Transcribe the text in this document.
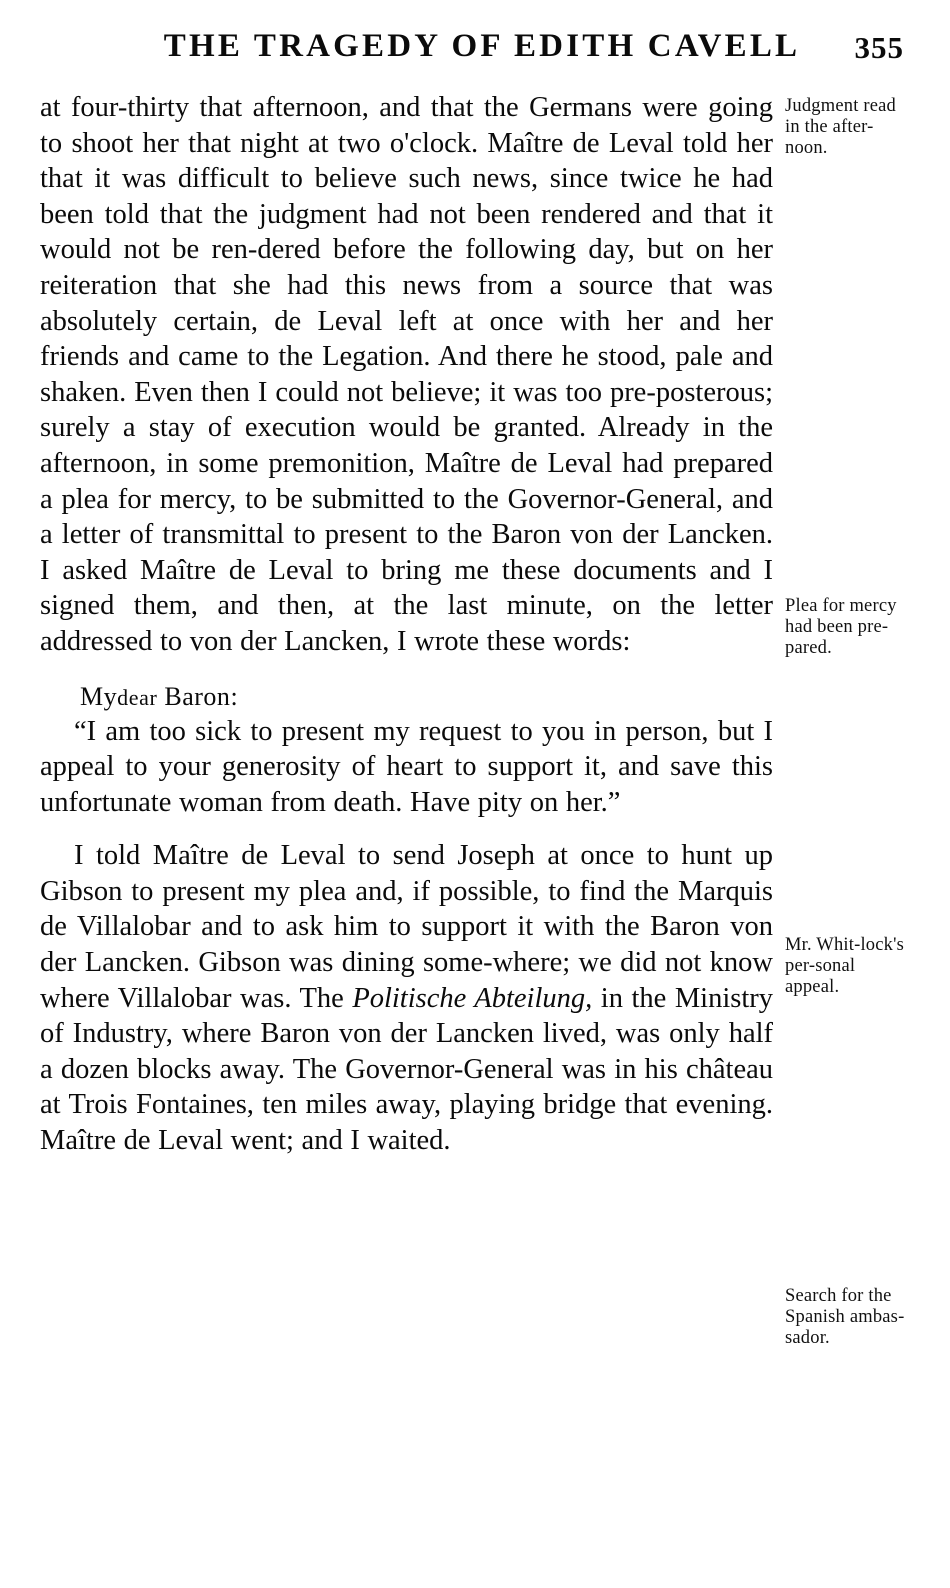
THE TRAGEDY OF EDITH CAVELL 355

at four-thirty that afternoon, and that the Germans were going to shoot her that night at two o'clock. Maître de Leval told her that it was difficult to believe such news, since twice he had been told that the judgment had not been rendered and that it would not be ren-dered before the following day, but on her reiteration that she had this news from a source that was absolutely certain, de Leval left at once with her and her friends and came to the Legation. And there he stood, pale and shaken. Even then I could not believe; it was too pre-posterous; surely a stay of execution would be granted. Already in the afternoon, in some premonition, Maître de Leval had prepared a plea for mercy, to be submitted to the Governor-General, and a letter of transmittal to present to the Baron von der Lancken. I asked Maître de Leval to bring me these documents and I signed them, and then, at the last minute, on the letter addressed to von der Lancken, I wrote these words:

Mydear Baron:

“I am too sick to present my request to you in person, but I appeal to your generosity of heart to support it, and save this unfortunate woman from death. Have pity on her.”

I told Maître de Leval to send Joseph at once to hunt up Gibson to present my plea and, if possible, to find the Marquis de Villalobar and to ask him to support it with the Baron von der Lancken. Gibson was dining some-where; we did not know where Villalobar was. The Politische Abteilung, in the Ministry of Industry, where Baron von der Lancken lived, was only half a dozen blocks away. The Governor-General was in his château at Trois Fontaines, ten miles away, playing bridge that evening. Maître de Leval went; and I waited.

Judgment read in the after-noon.
Plea for mercy had been pre-pared.
Mr. Whit-lock's per-sonal appeal.
Search for the Spanish ambas-sador.
